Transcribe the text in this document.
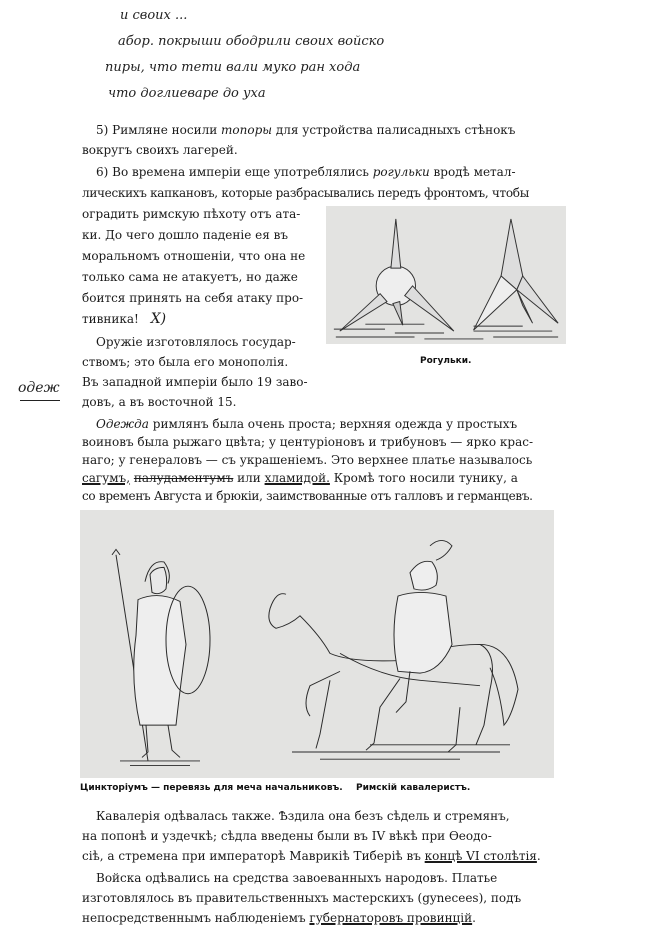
и своих ...
абор. покрыши ободрили своих войско
пиры, что тети вали муко ран хода
что доглиеваре до уха
5) Римляне носили топоры для устройства палисадныхъ стѣнокъ
вокругъ своихъ лагерей.
6) Во времена имперіи еще употреблялись рогульки вродѣ метал-
лическихъ капкановъ, которые разбрасывались передъ фронтомъ, чтобы
оградить римскую пѣхоту отъ ата-
ки. До чего дошло паденіе ея въ
моральномъ отношеніи, что она не
только сама не атакуетъ, но даже
боится принять на себя атаку про-
тивника! X)
Оружіе изготовлялось государ-
ствомъ; это была его монополія.
Въ западной имперіи было 19 заво-
довъ, а въ восточной 15.
Рогульки.
одеж
Одежда римлянъ была очень проста; верхняя одежда у простыхъ
воиновъ была рыжаго цвѣта; у центуріоновъ и трибуновъ — ярко крас-
наго; у генераловъ — съ украшеніемъ. Это верхнее платье называлось
сагумъ, палудаментумъ или хламидой. Кромѣ того носили тунику, а
со временъ Августа и брюкіи, заимствованные отъ галловъ и германцевъ.
Цинкторіумъ — перевязь для меча начальниковъ. Римскій кавалеристъ.
Кавалерія одѣвалась также. Ѣздила она безъ сѣдель и стремянъ,
на попонѣ и уздечкѣ; сѣдла введены были въ IV вѣкѣ при Ѳеодо-
сіѣ, а стремена при императорѣ Маврикіѣ Тиберіѣ въ концѣ VI столѣтія.
Войска одѣвались на средства завоеванныхъ народовъ. Платье
изготовлялось въ правительственныхъ мастерскихъ (gynecees), подъ
непосредственнымъ наблюденіемъ губернаторовъ провинцій.
